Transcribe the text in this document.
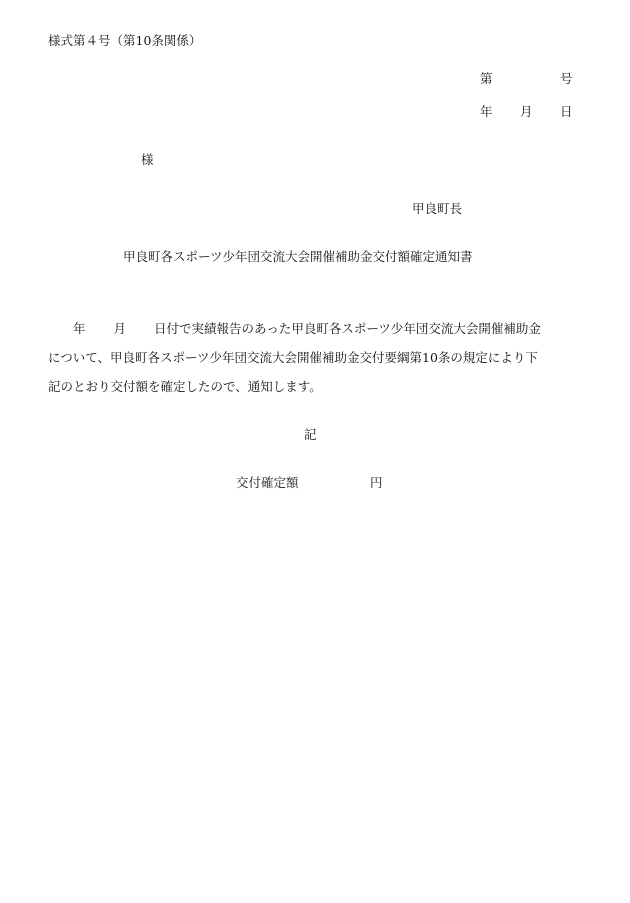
様式第４号（第10条関係）
第	号
年 月 日
様
甲良町長
甲良町各スポーツ少年団交流大会開催補助金交付額確定通知書
年 月 日付で実績報告のあった甲良町各スポーツ少年団交流大会開催補助金
について、甲良町各スポーツ少年団交流大会開催補助金交付要綱第10条の規定により下
記のとおり交付額を確定したので、通知します。
記
交付確定額	円
